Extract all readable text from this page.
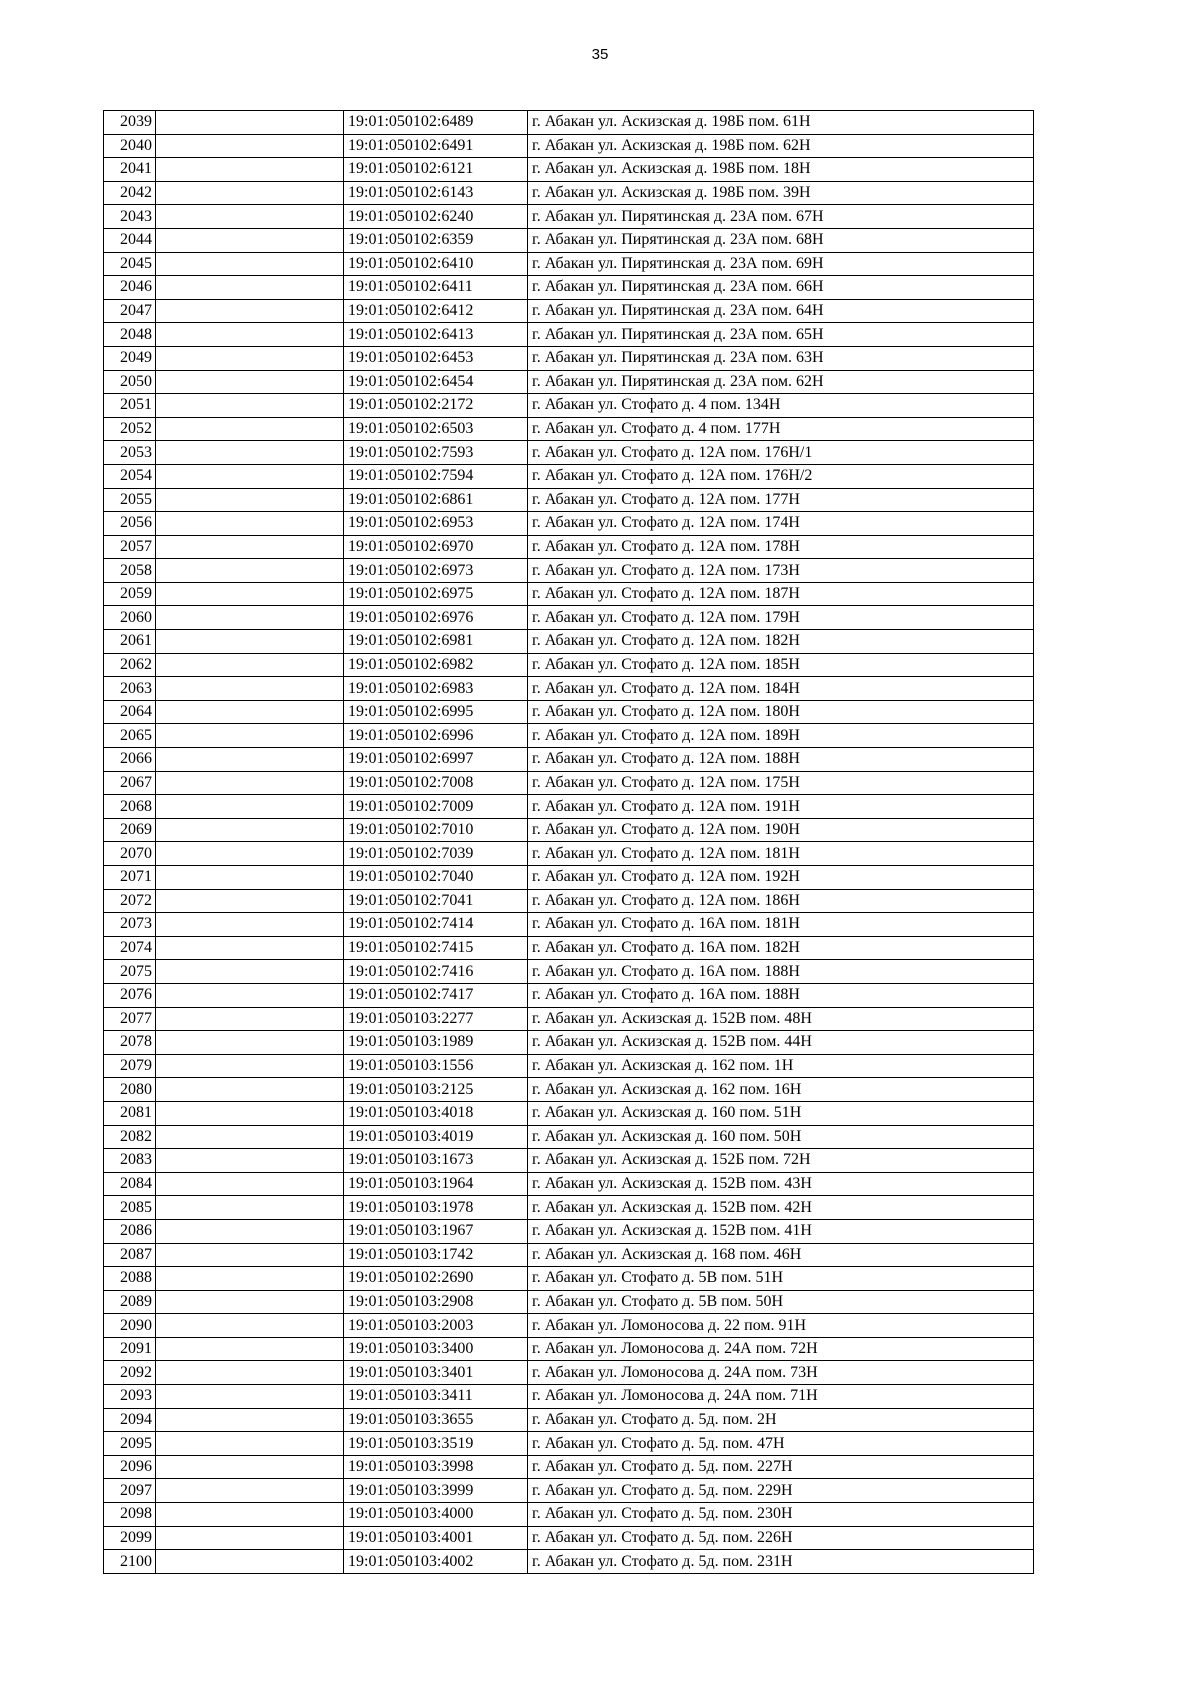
35
2039		19:01:050102:6489	г. Абакан ул. Аскизская д. 198Б пом. 61Н
2040		19:01:050102:6491	г. Абакан ул. Аскизская д. 198Б пом. 62Н
2041		19:01:050102:6121	г. Абакан ул. Аскизская д. 198Б пом. 18Н
2042		19:01:050102:6143	г. Абакан ул. Аскизская д. 198Б пом. 39Н
2043		19:01:050102:6240	г. Абакан ул. Пирятинская д. 23А пом. 67Н
2044		19:01:050102:6359	г. Абакан ул. Пирятинская д. 23А пом. 68Н
2045		19:01:050102:6410	г. Абакан ул. Пирятинская д. 23А пом. 69Н
2046		19:01:050102:6411	г. Абакан ул. Пирятинская д. 23А пом. 66Н
2047		19:01:050102:6412	г. Абакан ул. Пирятинская д. 23А пом. 64Н
2048		19:01:050102:6413	г. Абакан ул. Пирятинская д. 23А пом. 65Н
2049		19:01:050102:6453	г. Абакан ул. Пирятинская д. 23А пом. 63Н
2050		19:01:050102:6454	г. Абакан ул. Пирятинская д. 23А пом. 62Н
2051		19:01:050102:2172	г. Абакан ул. Стофато д. 4 пом. 134Н
2052		19:01:050102:6503	г. Абакан ул. Стофато д. 4 пом. 177Н
2053		19:01:050102:7593	г. Абакан ул. Стофато д. 12А пом. 176Н/1
2054		19:01:050102:7594	г. Абакан ул. Стофато д. 12А пом. 176Н/2
2055		19:01:050102:6861	г. Абакан ул. Стофато д. 12А пом. 177Н
2056		19:01:050102:6953	г. Абакан ул. Стофато д. 12А пом. 174Н
2057		19:01:050102:6970	г. Абакан ул. Стофато д. 12А пом. 178Н
2058		19:01:050102:6973	г. Абакан ул. Стофато д. 12А пом. 173Н
2059		19:01:050102:6975	г. Абакан ул. Стофато д. 12А пом. 187Н
2060		19:01:050102:6976	г. Абакан ул. Стофато д. 12А пом. 179Н
2061		19:01:050102:6981	г. Абакан ул. Стофато д. 12А пом. 182Н
2062		19:01:050102:6982	г. Абакан ул. Стофато д. 12А пом. 185Н
2063		19:01:050102:6983	г. Абакан ул. Стофато д. 12А пом. 184Н
2064		19:01:050102:6995	г. Абакан ул. Стофато д. 12А пом. 180Н
2065		19:01:050102:6996	г. Абакан ул. Стофато д. 12А пом. 189Н
2066		19:01:050102:6997	г. Абакан ул. Стофато д. 12А пом. 188Н
2067		19:01:050102:7008	г. Абакан ул. Стофато д. 12А пом. 175Н
2068		19:01:050102:7009	г. Абакан ул. Стофато д. 12А пом. 191Н
2069		19:01:050102:7010	г. Абакан ул. Стофато д. 12А пом. 190Н
2070		19:01:050102:7039	г. Абакан ул. Стофато д. 12А пом. 181Н
2071		19:01:050102:7040	г. Абакан ул. Стофато д. 12А пом. 192Н
2072		19:01:050102:7041	г. Абакан ул. Стофато д. 12А пом. 186Н
2073		19:01:050102:7414	г. Абакан ул. Стофато д. 16А пом. 181Н
2074		19:01:050102:7415	г. Абакан ул. Стофато д. 16А пом. 182Н
2075		19:01:050102:7416	г. Абакан ул. Стофато д. 16А пом. 188Н
2076		19:01:050102:7417	г. Абакан ул. Стофато д. 16А пом. 188Н
2077		19:01:050103:2277	г. Абакан ул. Аскизская д. 152В пом. 48Н
2078		19:01:050103:1989	г. Абакан ул. Аскизская д. 152В пом. 44Н
2079		19:01:050103:1556	г. Абакан ул. Аскизская д. 162 пом. 1Н
2080		19:01:050103:2125	г. Абакан ул. Аскизская д. 162 пом. 16Н
2081		19:01:050103:4018	г. Абакан ул. Аскизская д. 160 пом. 51Н
2082		19:01:050103:4019	г. Абакан ул. Аскизская д. 160 пом. 50Н
2083		19:01:050103:1673	г. Абакан ул. Аскизская д. 152Б пом. 72Н
2084		19:01:050103:1964	г. Абакан ул. Аскизская д. 152В пом. 43Н
2085		19:01:050103:1978	г. Абакан ул. Аскизская д. 152В пом. 42Н
2086		19:01:050103:1967	г. Абакан ул. Аскизская д. 152В пом. 41Н
2087		19:01:050103:1742	г. Абакан ул. Аскизская д. 168 пом. 46Н
2088		19:01:050102:2690	г. Абакан ул. Стофато д. 5В пом. 51Н
2089		19:01:050103:2908	г. Абакан ул. Стофато д. 5В пом. 50Н
2090		19:01:050103:2003	г. Абакан ул. Ломоносова д. 22 пом. 91Н
2091		19:01:050103:3400	г. Абакан ул. Ломоносова д. 24А пом. 72Н
2092		19:01:050103:3401	г. Абакан ул. Ломоносова д. 24А пом. 73Н
2093		19:01:050103:3411	г. Абакан ул. Ломоносова д. 24А пом. 71Н
2094		19:01:050103:3655	г. Абакан ул. Стофато д. 5д. пом. 2Н
2095		19:01:050103:3519	г. Абакан ул. Стофато д. 5д. пом. 47Н
2096		19:01:050103:3998	г. Абакан ул. Стофато д. 5д. пом. 227Н
2097		19:01:050103:3999	г. Абакан ул. Стофато д. 5д. пом. 229Н
2098		19:01:050103:4000	г. Абакан ул. Стофато д. 5д. пом. 230Н
2099		19:01:050103:4001	г. Абакан ул. Стофато д. 5д. пом. 226Н
2100		19:01:050103:4002	г. Абакан ул. Стофато д. 5д. пом. 231Н
